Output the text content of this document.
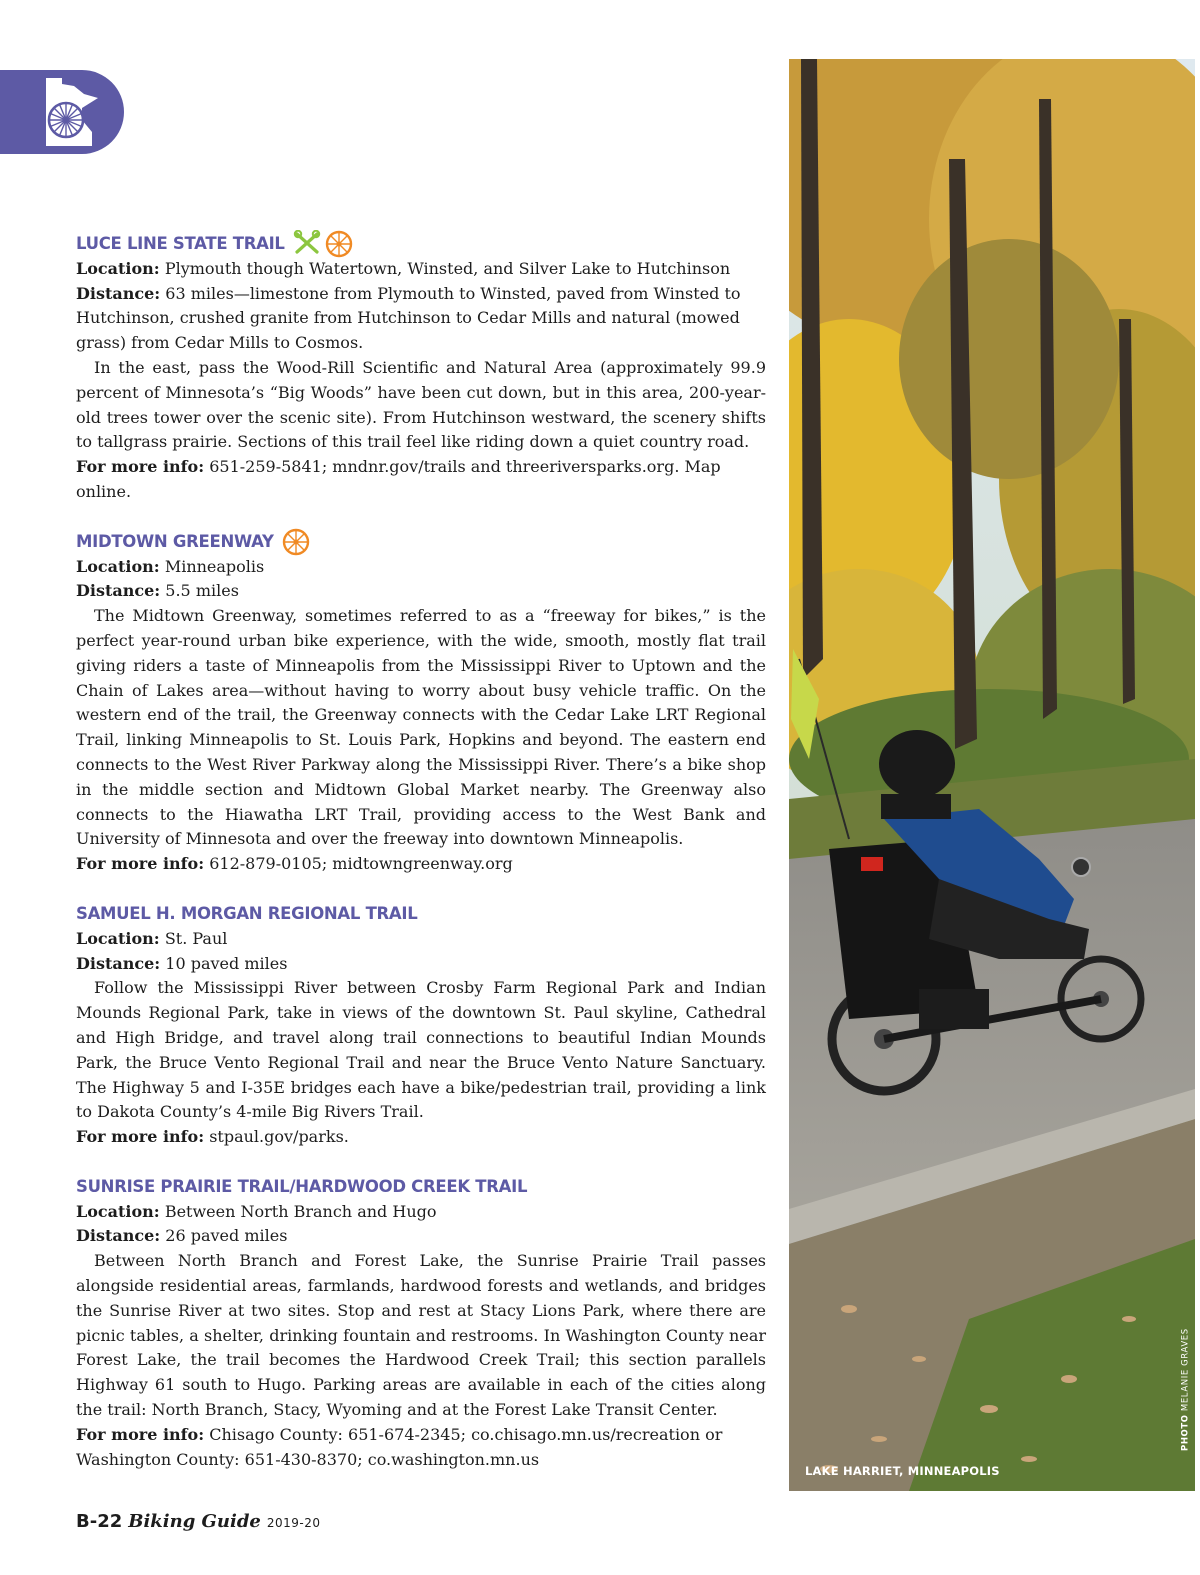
LUCE LINE STATE TRAIL

Location: Plymouth though Watertown, Winsted, and Silver Lake to Hutchinson

Distance: 63 miles—limestone from Plymouth to Winsted, paved from Winsted to Hutchinson, crushed granite from Hutchinson to Cedar Mills and natural (mowed grass) from Cedar Mills to Cosmos.

In the east, pass the Wood-Rill Scientific and Natural Area (approximately 99.9 percent of Minnesota’s “Big Woods” have been cut down, but in this area, 200-year-old trees tower over the scenic site). From Hutchinson westward, the scenery shifts to tallgrass prairie. Sections of this trail feel like riding down a quiet country road.

For more info: 651-259-5841; mndnr.gov/trails and threeriversparks.org. Map online.

MIDTOWN GREENWAY

Location: Minneapolis

Distance: 5.5 miles

The Midtown Greenway, sometimes referred to as a “freeway for bikes,” is the perfect year-round urban bike experience, with the wide, smooth, mostly flat trail giving riders a taste of Minneapolis from the Mississippi River to Uptown and the Chain of Lakes area—without having to worry about busy vehicle traffic. On the western end of the trail, the Greenway connects with the Cedar Lake LRT Regional Trail, linking Minneapolis to St. Louis Park, Hopkins and beyond. The eastern end connects to the West River Parkway along the Mississippi River. There’s a bike shop in the middle section and Midtown Global Market nearby. The Greenway also connects to the Hiawatha LRT Trail, providing access to the West Bank and University of Minnesota and over the freeway into downtown Minneapolis.

For more info: 612-879-0105; midtowngreenway.org

SAMUEL H. MORGAN REGIONAL TRAIL

Location: St. Paul

Distance: 10 paved miles

Follow the Mississippi River between Crosby Farm Regional Park and Indian Mounds Regional Park, take in views of the downtown St. Paul skyline, Cathedral and High Bridge, and travel along trail connections to beautiful Indian Mounds Park, the Bruce Vento Regional Trail and near the Bruce Vento Nature Sanctuary. The Highway 5 and I-35E bridges each have a bike/pedestrian trail, providing a link to Dakota County’s 4-mile Big Rivers Trail.

For more info: stpaul.gov/parks.

SUNRISE PRAIRIE TRAIL/HARDWOOD CREEK TRAIL

Location: Between North Branch and Hugo

Distance: 26 paved miles

Between North Branch and Forest Lake, the Sunrise Prairie Trail passes alongside residential areas, farmlands, hardwood forests and wetlands, and bridges the Sunrise River at two sites. Stop and rest at Stacy Lions Park, where there are picnic tables, a shelter, drinking fountain and restrooms. In Washington County near Forest Lake, the trail becomes the Hardwood Creek Trail; this section parallels Highway 61 south to Hugo. Parking areas are available in each of the cities along the trail: North Branch, Stacy, Wyoming and at the Forest Lake Transit Center.

For more info: Chisago County: 651-674-2345; co.chisago.mn.us/recreation or Washington County: 651-430-8370; co.washington.mn.us

LAKE HARRIET, MINNEAPOLIS
PHOTO MELANIE GRAVES
B-22 Biking Guide 2019-20
